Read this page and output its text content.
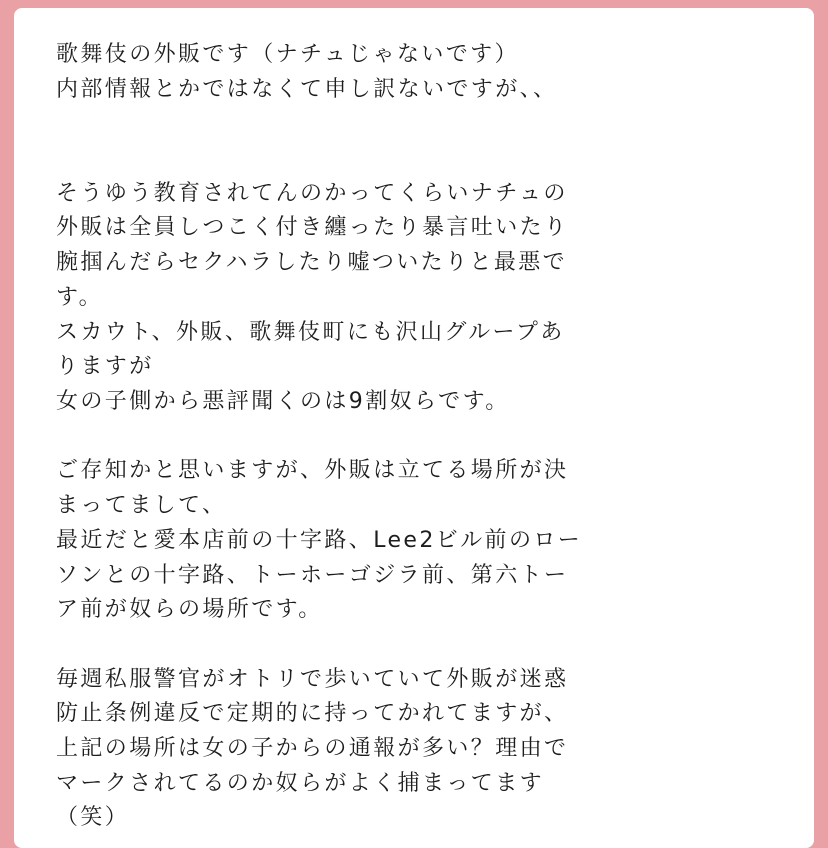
歌舞伎の外販です（ナチュじゃないです）
内部情報とかではなくて申し訳ないですが、、
そうゆう教育されてんのかってくらいナチュの
外販は全員しつこく付き纏ったり暴言吐いたり
腕掴んだらセクハラしたり嘘ついたりと最悪で
す。
スカウト、外販、歌舞伎町にも沢山グループあ
りますが
女の子側から悪評聞くのは9割奴らです。
ご存知かと思いますが、外販は立てる場所が決
まってまして、
最近だと愛本店前の十字路、Lee2ビル前のロー
ソンとの十字路、トーホーゴジラ前、第六トー
ア前が奴らの場所です。
毎週私服警官がオトリで歩いていて外販が迷惑
防止条例違反で定期的に持ってかれてますが、
上記の場所は女の子からの通報が多い？理由で
マークされてるのか奴らがよく捕まってます
（笑）
